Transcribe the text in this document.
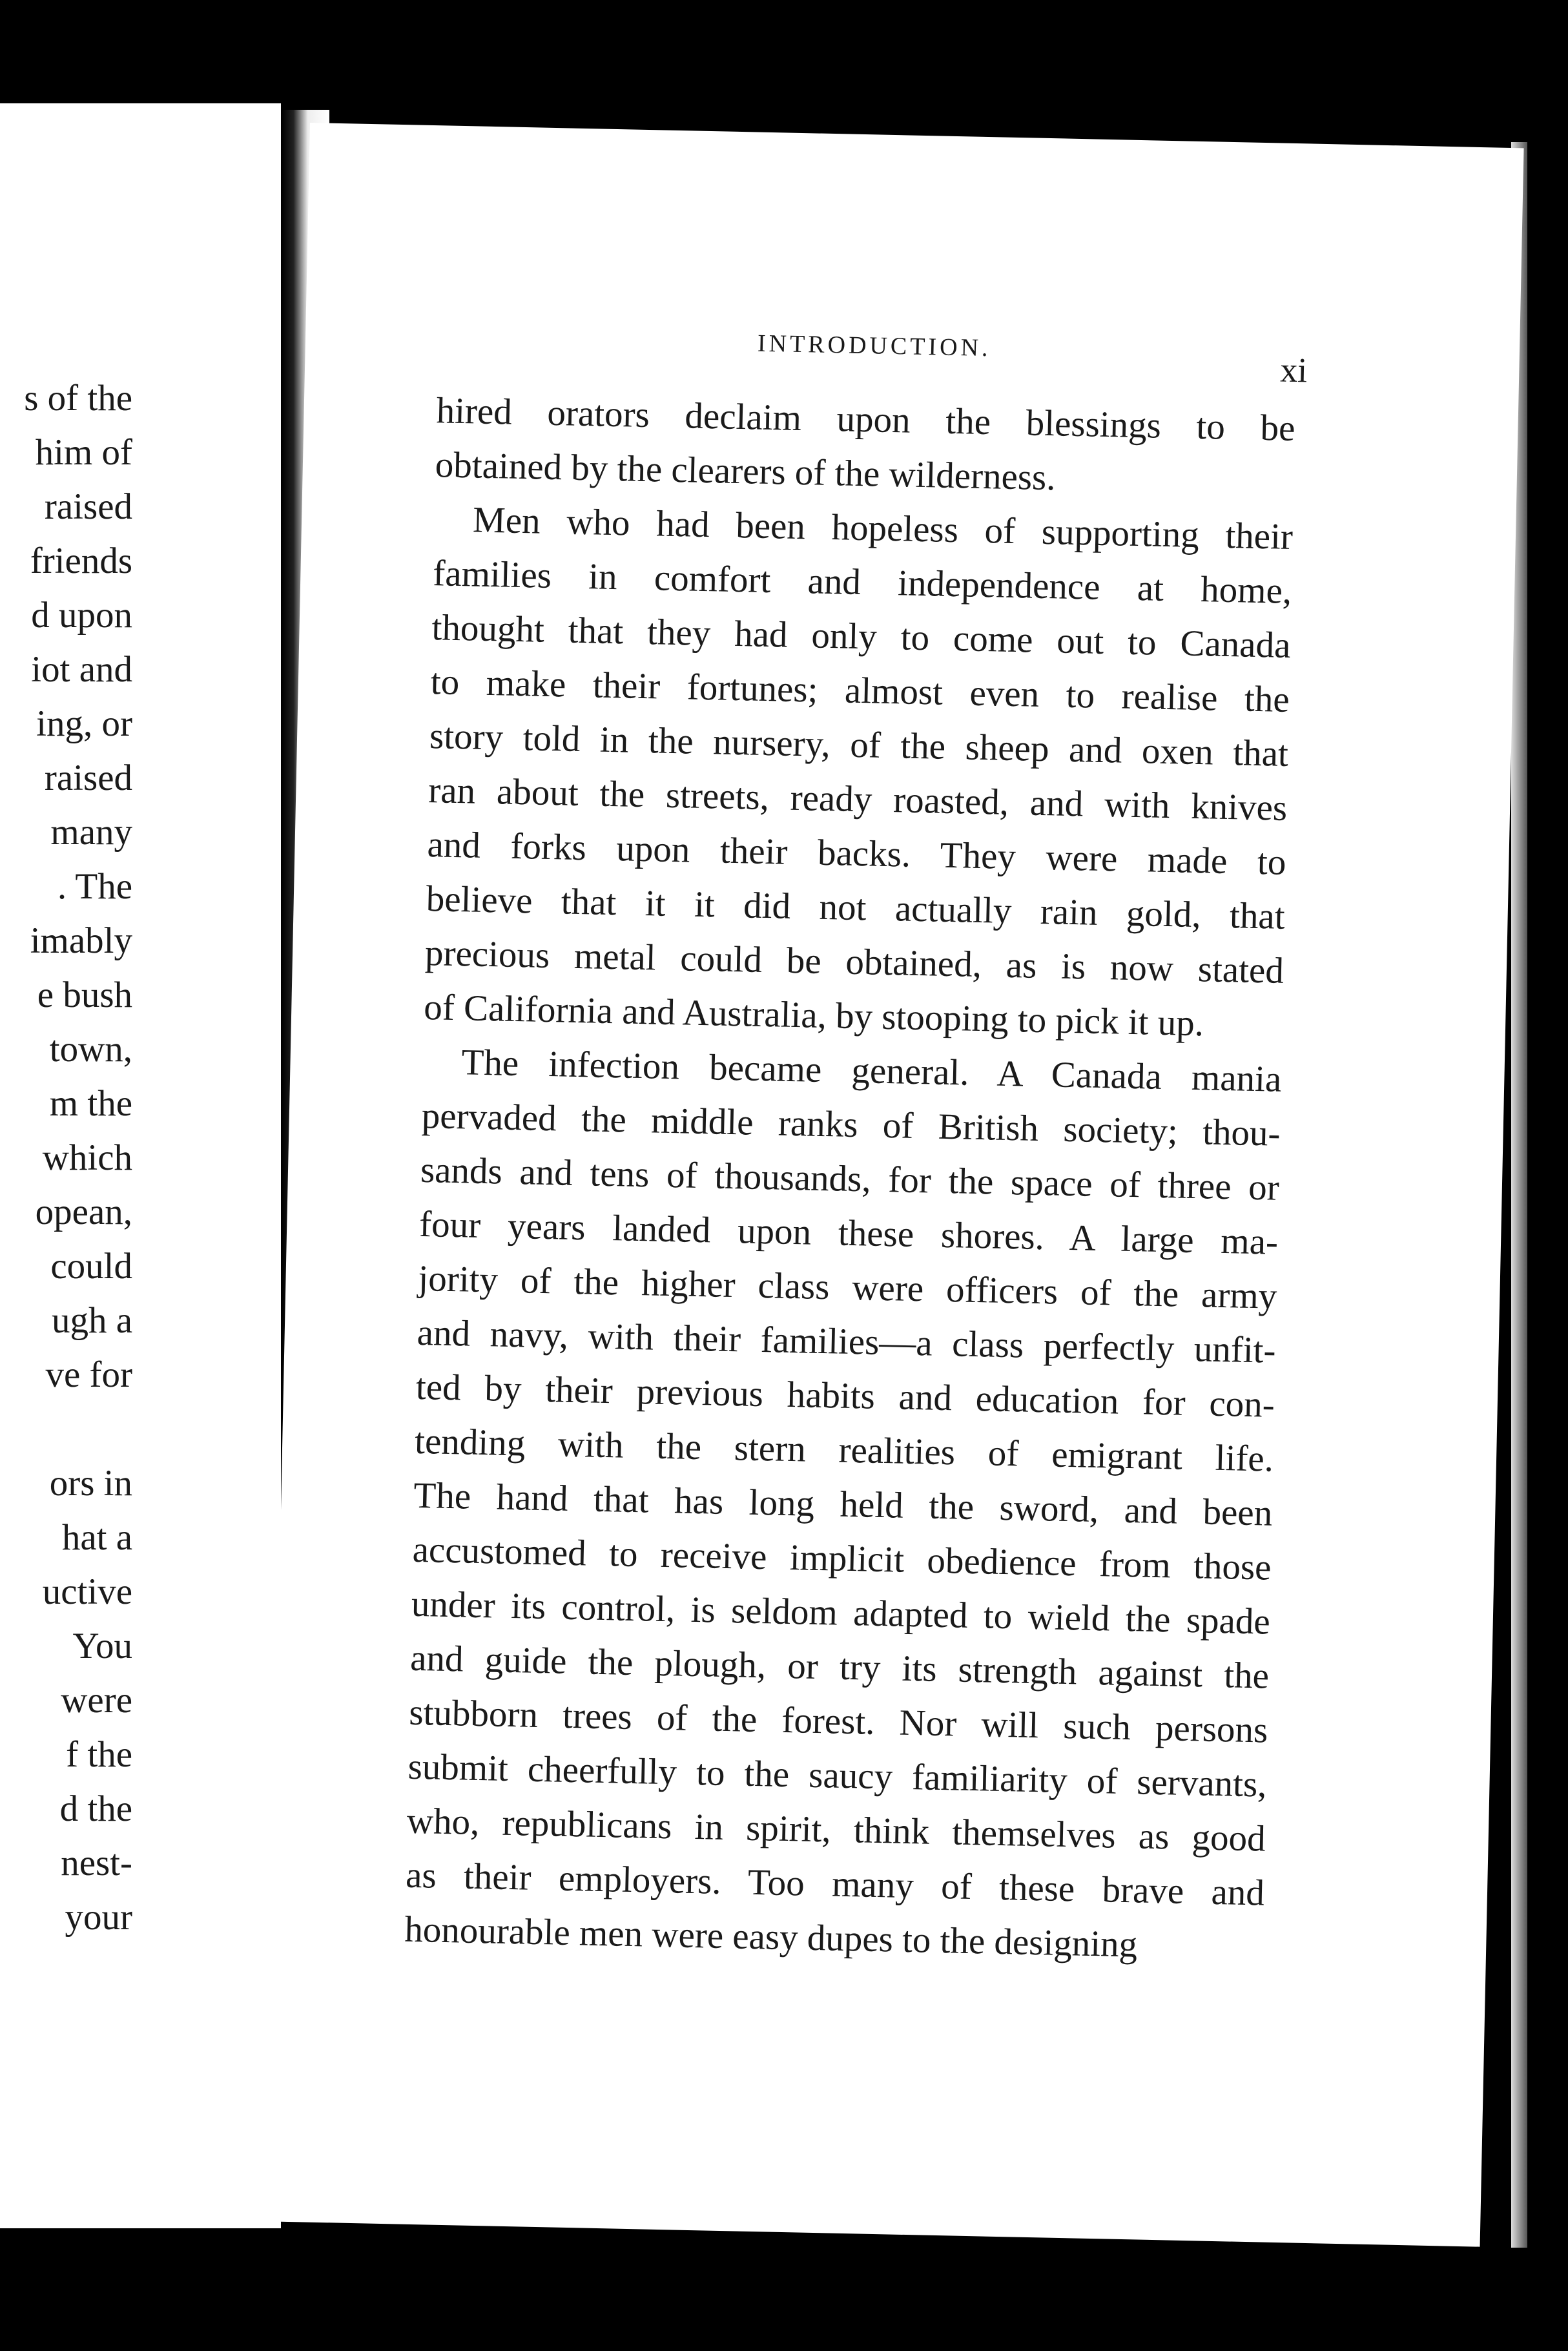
s of the
him of
raised
friends
d upon
iot and
ing, or
raised
many
. The
imably
e bush
town,
m the
which
opean,
could
ugh a
ve for
ors in
hat a
uctive
You
were
f the
d the
nest-
your
INTRODUCTION.
xi

hired orators declaim upon the blessings to be

obtained by the clearers of the wilderness.

Men who had been hopeless of supporting their

families in comfort and independence at home,

thought that they had only to come out to Canada

to make their fortunes; almost even to realise the

story told in the nursery, of the sheep and oxen that

ran about the streets, ready roasted, and with knives

and forks upon their backs. They were made to

believe that it it did not actually rain gold, that

precious metal could be obtained, as is now stated

of California and Australia, by stooping to pick it up.

The infection became general. A Canada mania

pervaded the middle ranks of British society; thou-

sands and tens of thousands, for the space of three or

four years landed upon these shores. A large ma-

jority of the higher class were officers of the army

and navy, with their families—a class perfectly unfit-

ted by their previous habits and education for con-

tending with the stern realities of emigrant life.

The hand that has long held the sword, and been

accustomed to receive implicit obedience from those

under its control, is seldom adapted to wield the spade

and guide the plough, or try its strength against the

stubborn trees of the forest. Nor will such persons

submit cheerfully to the saucy familiarity of servants,

who, republicans in spirit, think themselves as good

as their employers. Too many of these brave and

honourable men were easy dupes to the designing
